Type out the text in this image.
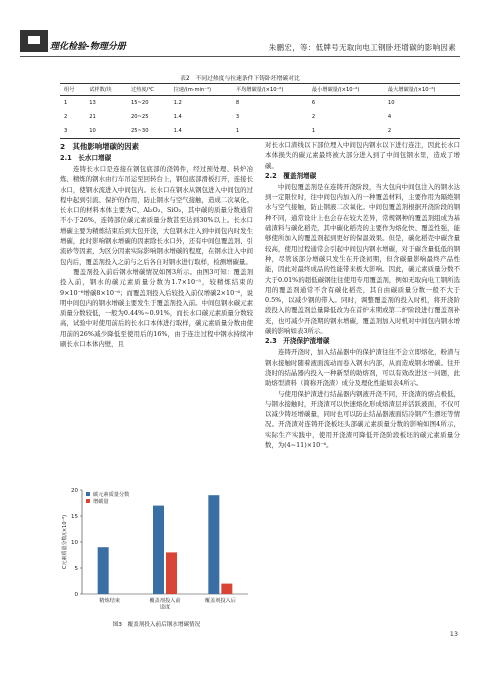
理化检验-物理分册	朱鹏宏，等：低牌号无取向电工钢卧坯增碳的影响因素
表2　不同过热度与拉速条件下铸卧坯增碳对比
组号	试样数/块	过热度/℃	拉速/(m·min⁻¹)	平均增碳量/(×10⁻⁶)	最小增碳量/(×10⁻⁶)	最大增碳量/(×10⁻⁶)
1	13	15~20	1.2	8	6	10
2	21	20~25	1.4	3	2	4
3	10	25~30	1.4	1	1	2
2　其他影响增碳的因素
2.1　长水口增碳
连铸长水口是连接在钢包底部的浇铸件，经过预处理、转炉冶炼、精炼的钢水由行车吊运至回转台上，钢包底部滑板打开，连接长水口，使钢水流进入中间包内。长水口在钢水从钢包进入中间包的过程中起到引流、保护的作用，防止钢水与空气接触，造成二次氧化。长水口的材料本体主要为C、Al₂O₃、SiO₂，其中碳的质量分数通常不小于26%，连铸部位碳元素质量分数甚至达到30%以上。长水口增碳主要为精炼结束后到大包开浇，大包钢水注入到中间包内时发生增碳，此时影响钢水增碳的因素除长水口外，还有中间包覆盖剂、引流砂等因素，为区分因素实际影响钢水增碳的程度，在钢水注入中间包内后，覆盖剂投入之前与之后各自对钢水进行取样，检测增碳量。
覆盖剂投入前后钢水增碳情况如图3所示。由图3可知：覆盖剂投入前，钢水的碳元素质量分数为1.7×10⁻⁵，较精炼结束的9×10⁻⁶增碳8×10⁻⁶；而覆盖剂投入后较投入前仅增碳2×10⁻⁶，说明中间包内的钢水增碳主要发生于覆盖剂投入前。中间包钢水碳元素质量分数较低，一般为0.44%~0.91%，而长水口碳元素质量分数较高，试验中对使用前后的长水口本体进行取样，碳元素质量分数由使用前的26%减少降低至使用后的16%，由于连注过程中钢水持续冲刷长水口本体内壁，且
0
5
10
15
20
C元素质量分数/(×10⁻⁶)
精炼结束	覆盖剂投入前送度
覆盖剂投入后
碳元素质量分数
增碳量
图3　覆盖剂投入前后钢水增碳情况
对长水口渣线以下部位埋入中间包内钢水以下进行连注，因此长水口本体损失的碳元素最终被大部分进入到了中间包钢水里，造成了增碳。
2.2　覆盖剂增碳
中间包覆盖剂是在连铸开浇阶段，当大包向中间包注入的钢水达到一定限位时，往中间包内加入的一种覆盖材料，主要作用为隔绝钢水与空气接触，防止钢液二次氧化。中间包覆盖剂根据开浇阶段的钢种不同，通常设计上也会存在较大差异，常规钢种的覆盖剂组成为基础渣料与碳化稻壳，其中碳化稻壳的主要作为熔化快、覆盖性强，能够使所加入的覆盖剂起到更好的保温效果。但是，碳化稻壳中碳含量较高，使用过程通常会引起中间包内钢水增碳，对于碳含量低低的钢种，尽管该部分增碳只发生在开浇初期，但含碳量影响最终产品性能，因此对最终成品的性能带来极大影响。因此，碳元素质量分数不大于0.01%的超低碳钢往往使用专用覆盖剂，例如无取向电工钢所选用的覆盖剂通常不含有碳化稻壳，其自由碳质量分数一般不大于0.5%，以减少钢的带入。同时，调整覆盖剂的投入时机，将开浇阶段投入的覆盖剂总量降低改为在首炉末期或第二炉阶段进行覆盖剂补充，也可减少开浇期的钢水增碳，覆盖剂加入时机对中间包内钢水增碳的影响如表3所示。
2.3　开浇保护渣增碳
连铸开浇时，加入结晶器中的保护渣往往不会立即熔化，粉渣与钢水接触时随着液面流动而卷入钢水内部，从而造成钢水增碳。往开浇时的结晶器内投入一种新型的助熔剂，可以有效改进这一问题，此助熔型渣料（简称开浇渣）成分及理化性能如表4所示。
与使用保护渣进行结晶器内钢液开浇不同，开浇渣的熔点极低，与钢水接触时，开浇渣可以快速熔化形成熔渣层并活跃液面，不仅可以减少铸坯增碳量，同时也可以防止结晶器液面结冷钢产生漂坯等情况。开浇渣对连铸开浇板坯头部碳元素质量分数的影响如图4所示，实际生产实践中，使用开浇渣可降低开浇阶段板坯的碳元素质量分数，为(4~11)×10⁻⁶。
13
